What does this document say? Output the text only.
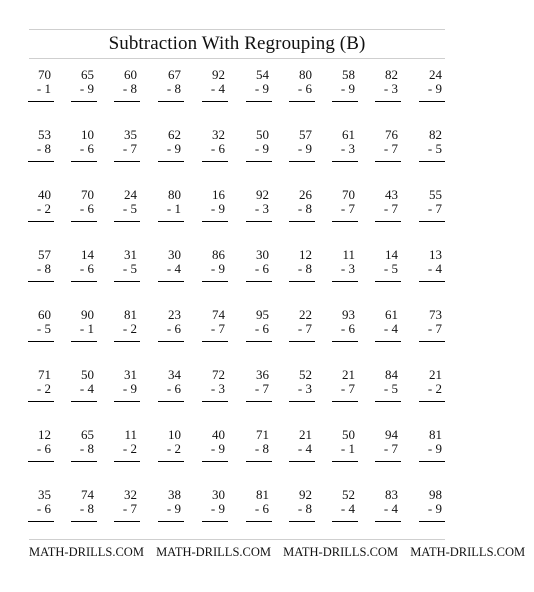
Subtraction With Regrouping (B)
70
- 1
65
- 9
60
- 8
67
- 8
92
- 4
54
- 9
80
- 6
58
- 9
82
- 3
24
- 9
53
- 8
10
- 6
35
- 7
62
- 9
32
- 6
50
- 9
57
- 9
61
- 3
76
- 7
82
- 5
40
- 2
70
- 6
24
- 5
80
- 1
16
- 9
92
- 3
26
- 8
70
- 7
43
- 7
55
- 7
57
- 8
14
- 6
31
- 5
30
- 4
86
- 9
30
- 6
12
- 8
11
- 3
14
- 5
13
- 4
60
- 5
90
- 1
81
- 2
23
- 6
74
- 7
95
- 6
22
- 7
93
- 6
61
- 4
73
- 7
71
- 2
50
- 4
31
- 9
34
- 6
72
- 3
36
- 7
52
- 3
21
- 7
84
- 5
21
- 2
12
- 6
65
- 8
11
- 2
10
- 2
40
- 9
71
- 8
21
- 4
50
- 1
94
- 7
81
- 9
35
- 6
74
- 8
32
- 7
38
- 9
30
- 9
81
- 6
92
- 8
52
- 4
83
- 4
98
- 9
MATH-DRILLS.COM MATH-DRILLS.COM MATH-DRILLS.COM MATH-DRILLS.COM
